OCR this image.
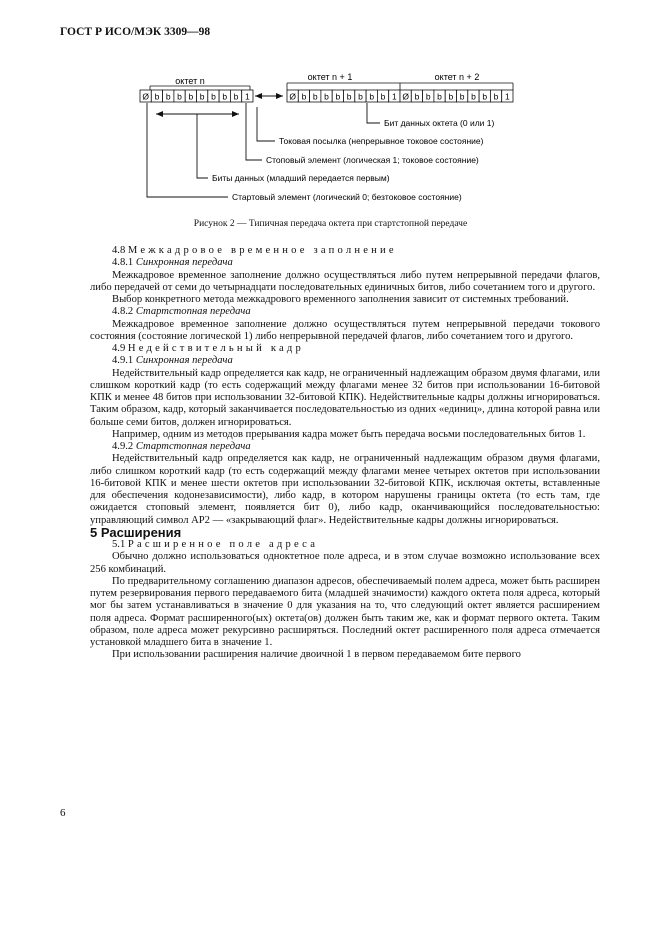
ГОСТ Р ИСО/МЭК 3309—98
октет n	октет n + 1	октет n + 2
Ø b b b b b b b b 1	Ø b b b b b b b b 1 Ø b b b b b b b b 1
Бит данных октета (0 или 1)
Токовая посылка (непрерывное токовое состояние)
Стоповый элемент (логическая 1; токовое состояние)
Биты данных (младший передается первым)
Стартовый элемент (логический 0; безтоковое состояние)
Рисунок 2 — Типичная передача октета при стартстопной передаче

4.8 Межкадровое временное заполнение

4.8.1 Синхронная передача

Межкадровое временное заполнение должно осуществляться либо путем непрерывной передачи флагов, либо передачей от семи до четырнадцати последовательных единичных битов, либо сочетанием того и другого.

Выбор конкретного метода межкадрового временного заполнения зависит от системных требований.

4.8.2 Стартстопная передача

Межкадровое временное заполнение должно осуществляться путем непрерывной передачи токового состояния (состояние логической 1) либо непрерывной передачей флагов, либо сочетанием того и другого.

4.9 Недействительный кадр

4.9.1 Синхронная передача

Недействительный кадр определяется как кадр, не ограниченный надлежащим образом двумя флагами, или слишком короткий кадр (то есть содержащий между флагами менее 32 битов при использовании 16-битовой КПК и менее 48 битов при использовании 32-битовой КПК). Недействительные кадры должны игнорироваться. Таким образом, кадр, который заканчивается последовательностью из одних «единиц», длина которой равна или больше семи битов, должен игнорироваться.

Например, одним из методов прерывания кадра может быть передача восьми последовательных битов 1.

4.9.2 Стартстопная передача

Недействительный кадр определяется как кадр, не ограниченный надлежащим образом двумя флагами, либо слишком короткий кадр (то есть содержащий между флагами менее четырех октетов при использовании 16-битовой КПК и менее шести октетов при использовании 32-битовой КПК, исключая октеты, вставленные для обеспечения кодонезависимости), либо кадр, в котором нарушены границы октета (то есть там, где ожидается стоповый элемент, появляется бит 0), либо кадр, оканчивающийся последовательностью: управляющий символ АР2 — «закрывающий флаг». Недействительные кадры должны игнорироваться.

5 Расширения

5.1 Расширенное поле адреса

Обычно должно использоваться одноктетное поле адреса, и в этом случае возможно использование всех 256 комбинаций.

По предварительному соглашению диапазон адресов, обеспечиваемый полем адреса, может быть расширен путем резервирования первого передаваемого бита (младшей значимости) каждого октета поля адреса, который мог бы затем устанавливаться в значение 0 для указания на то, что следующий октет является расширением поля адреса. Формат расширенного(ых) октета(ов) должен быть таким же, как и формат первого октета. Таким образом, поле адреса может рекурсивно расширяться. Последний октет расширенного поля адреса отмечается установкой младшего бита в значение 1.

При использовании расширения наличие двоичной 1 в первом передаваемом бите первого

6
